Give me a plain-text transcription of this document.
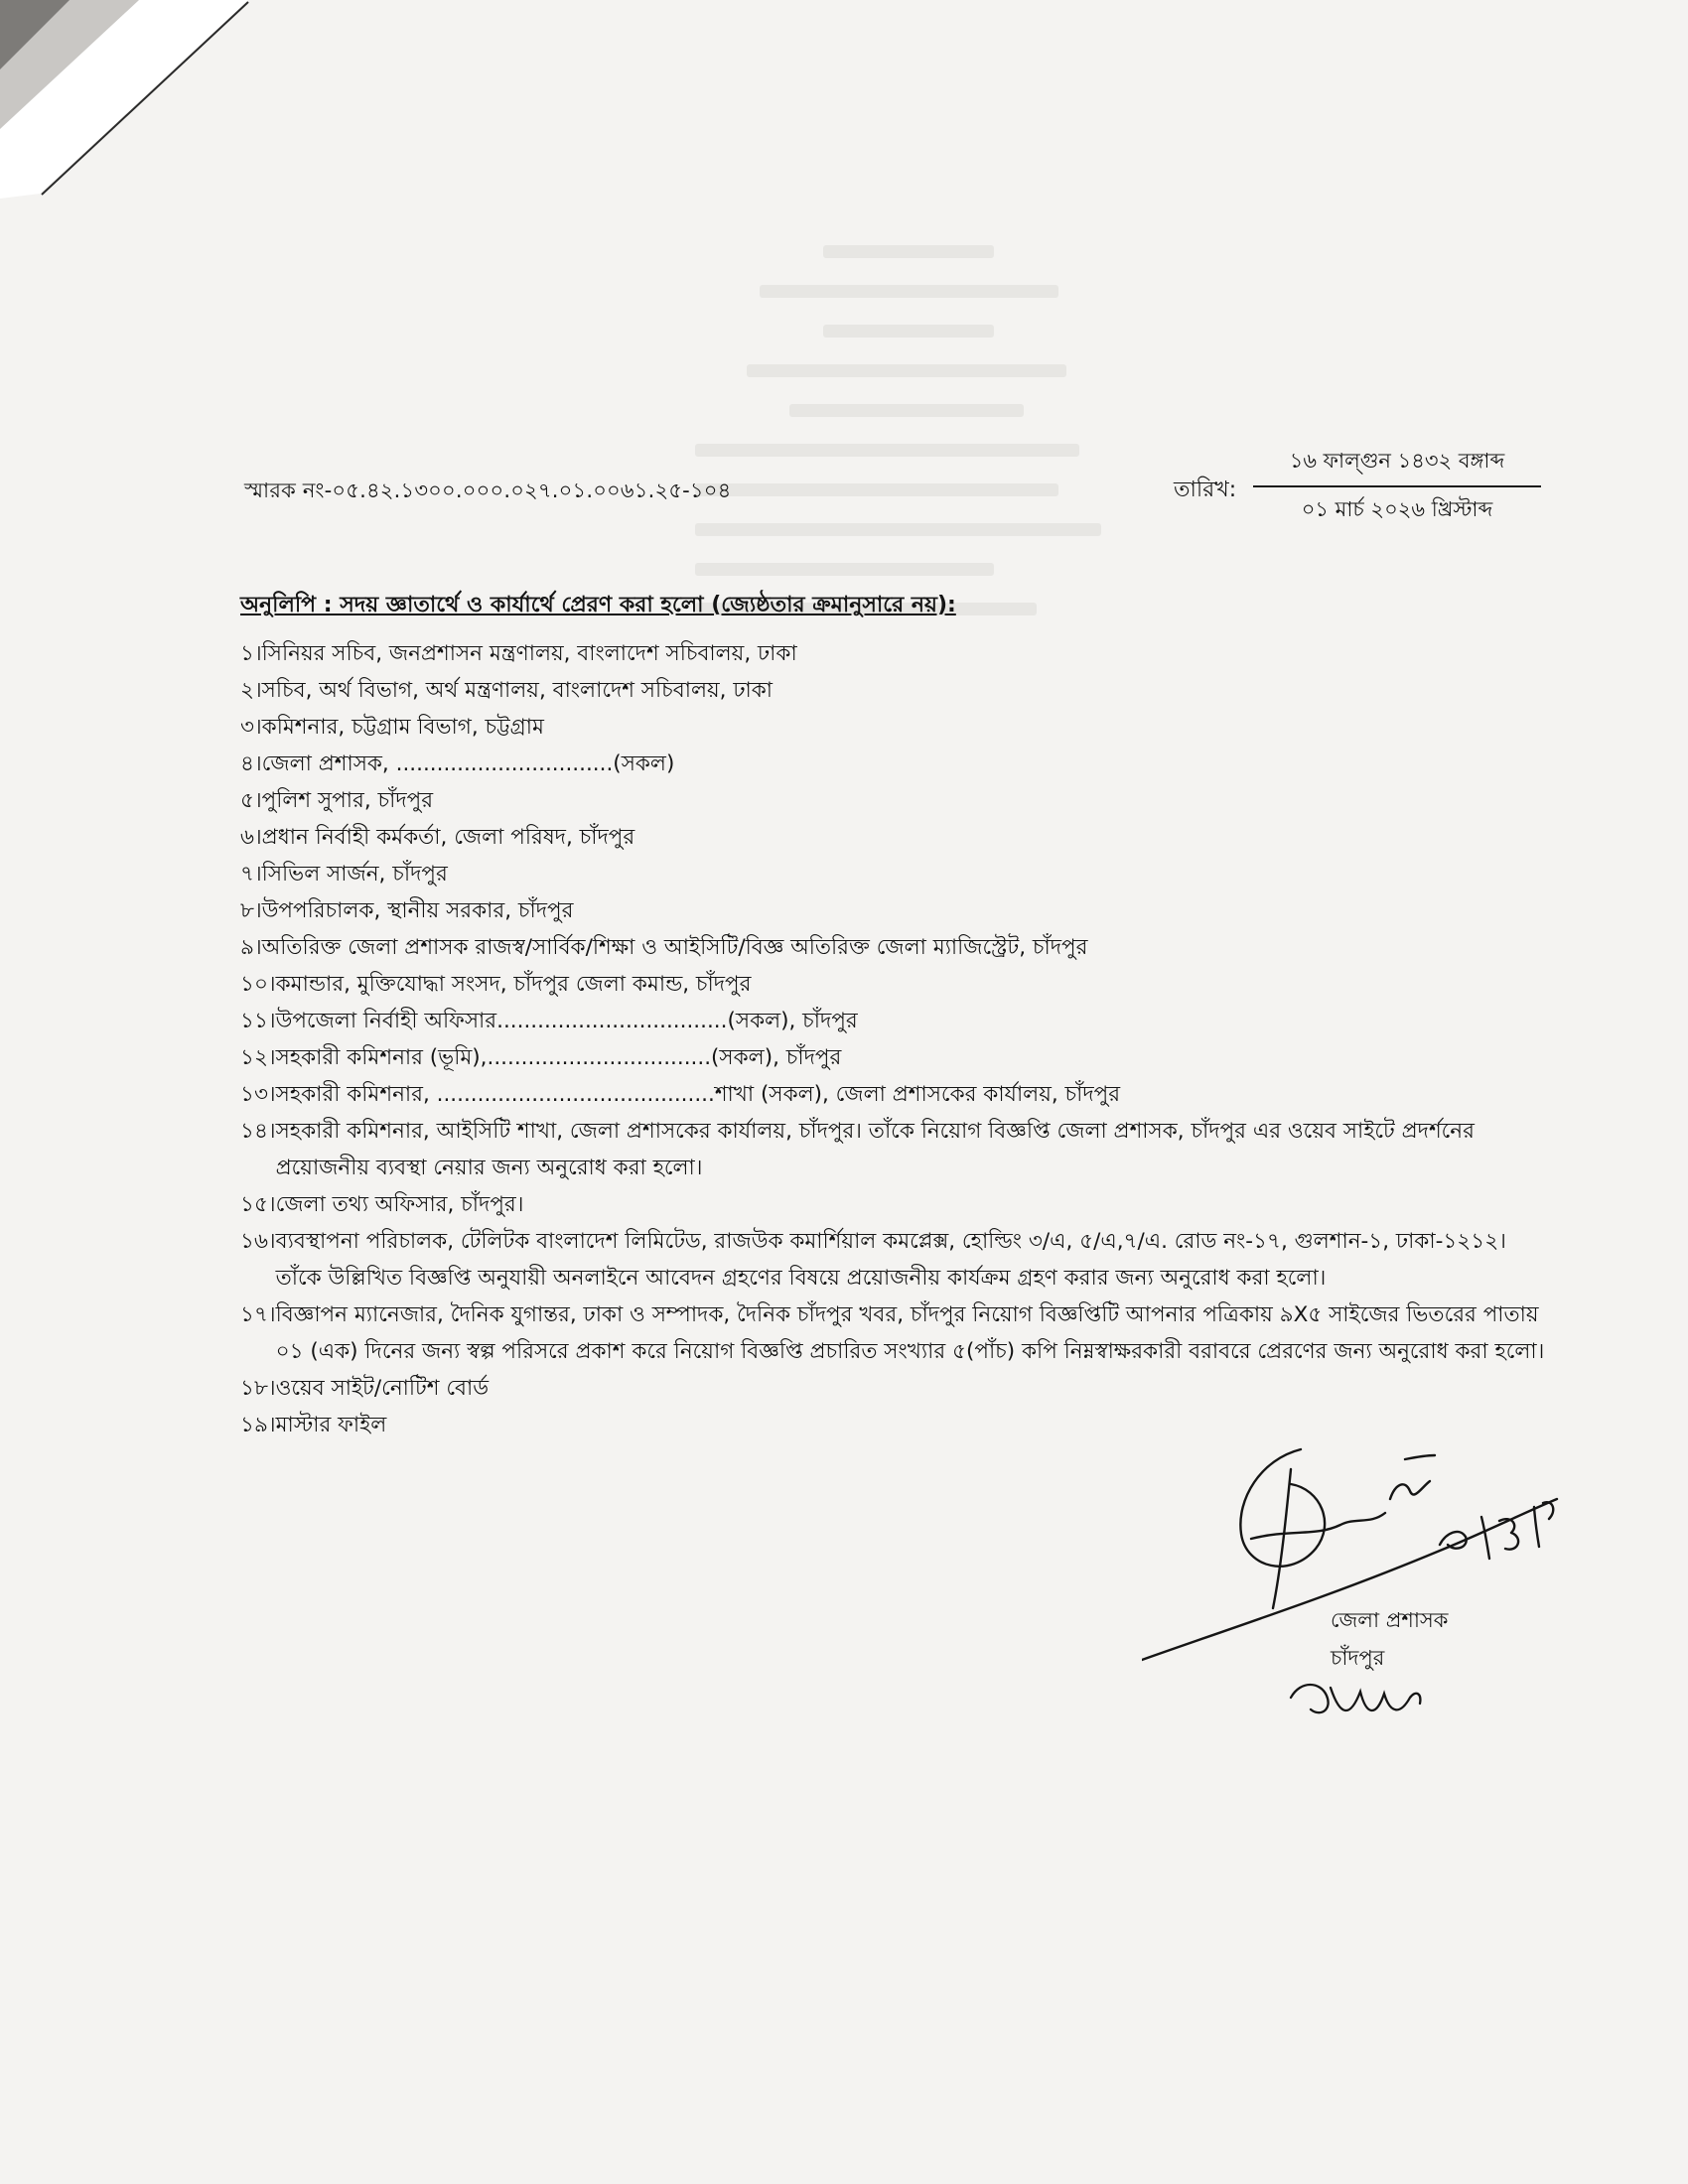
স্মারক নং-০৫.৪২.১৩০০.০০০.০২৭.০১.০০৬১.২৫-১০৪	তারিখ:
১৬ ফাল্গুন ১৪৩২ বঙ্গাব্দ
০১ মার্চ ২০২৬ খ্রিস্টাব্দ
অনুলিপি : সদয় জ্ঞাতার্থে ও কার্যার্থে প্রেরণ করা হলো (জ্যেষ্ঠতার ক্রমানুসারে নয়):
১। সিনিয়র সচিব, জনপ্রশাসন মন্ত্রণালয়, বাংলাদেশ সচিবালয়, ঢাকা
২। সচিব, অর্থ বিভাগ, অর্থ মন্ত্রণালয়, বাংলাদেশ সচিবালয়, ঢাকা
৩। কমিশনার, চট্টগ্রাম বিভাগ, চট্টগ্রাম
৪। জেলা প্রশাসক, ................................(সকল)
৫। পুলিশ সুপার, চাঁদপুর
৬। প্রধান নির্বাহী কর্মকর্তা, জেলা পরিষদ, চাঁদপুর
৭। সিভিল সার্জন, চাঁদপুর
৮। উপপরিচালক, স্থানীয় সরকার, চাঁদপুর
৯। অতিরিক্ত জেলা প্রশাসক রাজস্ব/সার্বিক/শিক্ষা ও আইসিটি/বিজ্ঞ অতিরিক্ত জেলা ম্যাজিস্ট্রেট, চাঁদপুর
১০। কমান্ডার, মুক্তিযোদ্ধা সংসদ, চাঁদপুর জেলা কমান্ড, চাঁদপুর
১১। উপজেলা নির্বাহী অফিসার..................................(সকল), চাঁদপুর
১২। সহকারী কমিশনার (ভূমি),.................................(সকল), চাঁদপুর
১৩। সহকারী কমিশনার, .........................................শাখা (সকল), জেলা প্রশাসকের কার্যালয়, চাঁদপুর
১৪। সহকারী কমিশনার, আইসিটি শাখা, জেলা প্রশাসকের কার্যালয়, চাঁদপুর। তাঁকে নিয়োগ বিজ্ঞপ্তি জেলা প্রশাসক, চাঁদপুর এর ওয়েব সাইটে প্রদর্শনের প্রয়োজনীয় ব্যবস্থা নেয়ার জন্য অনুরোধ করা হলো।
১৫। জেলা তথ্য অফিসার, চাঁদপুর।
১৬। ব্যবস্থাপনা পরিচালক, টেলিটক বাংলাদেশ লিমিটেড, রাজউক কমার্শিয়াল কমপ্লেক্স, হোল্ডিং ৩/এ, ৫/এ,৭/এ. রোড নং-১৭, গুলশান-১, ঢাকা-১২১২। তাঁকে উল্লিখিত বিজ্ঞপ্তি অনুযায়ী অনলাইনে আবেদন গ্রহণের বিষয়ে প্রয়োজনীয় কার্যক্রম গ্রহণ করার জন্য অনুরোধ করা হলো।
১৭। বিজ্ঞাপন ম্যানেজার, দৈনিক যুগান্তর, ঢাকা ও সম্পাদক, দৈনিক চাঁদপুর খবর, চাঁদপুর নিয়োগ বিজ্ঞপ্তিটি আপনার পত্রিকায় ৯X৫ সাইজের ভিতরের পাতায় ০১ (এক) দিনের জন্য স্বল্প পরিসরে প্রকাশ করে নিয়োগ বিজ্ঞপ্তি প্রচারিত সংখ্যার ৫(পাঁচ) কপি নিম্নস্বাক্ষরকারী বরাবরে প্রেরণের জন্য অনুরোধ করা হলো।
১৮। ওয়েব সাইট/নোটিশ বোর্ড
১৯। মাস্টার ফাইল
জেলা প্রশাসক
চাঁদপুর
